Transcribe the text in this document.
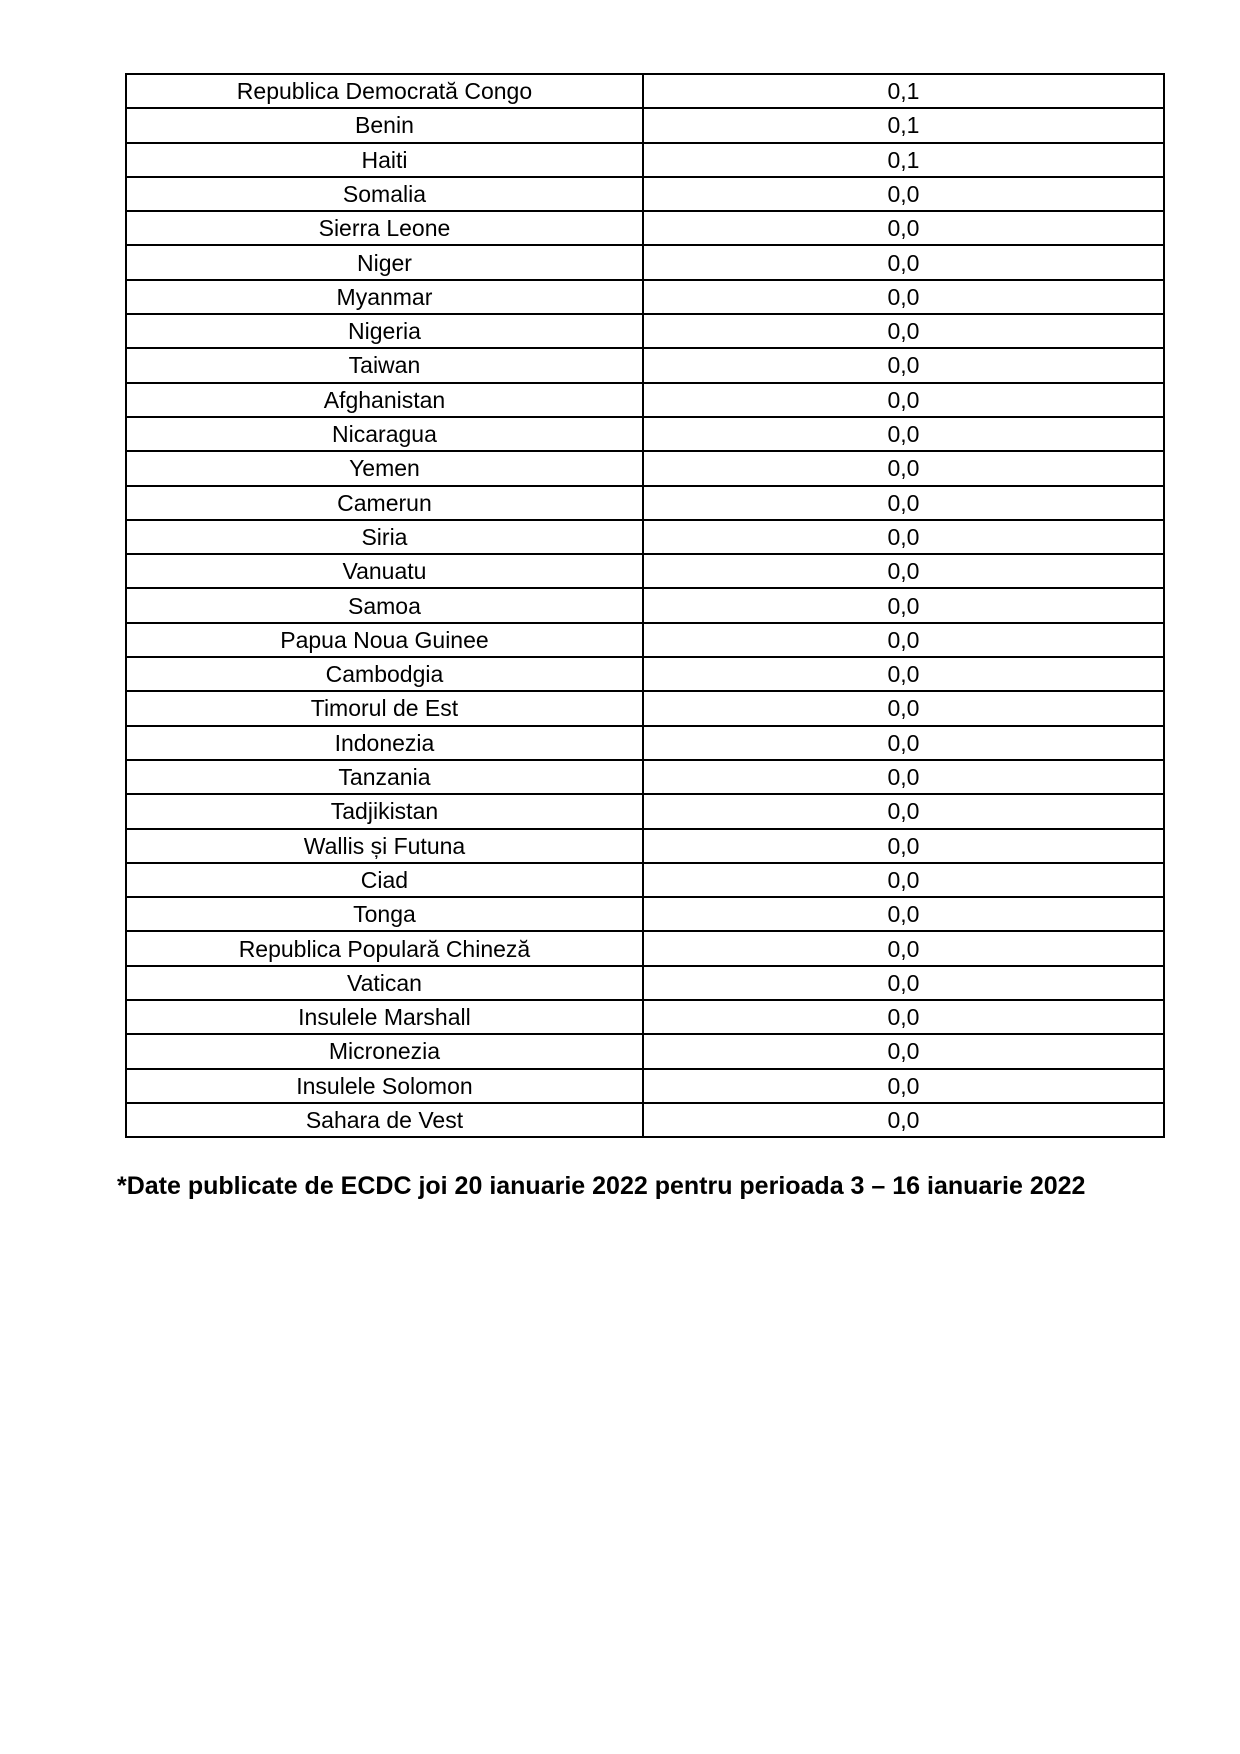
Republica Democrată Congo	0,1
Benin	0,1
Haiti	0,1
Somalia	0,0
Sierra Leone	0,0
Niger	0,0
Myanmar	0,0
Nigeria	0,0
Taiwan	0,0
Afghanistan	0,0
Nicaragua	0,0
Yemen	0,0
Camerun	0,0
Siria	0,0
Vanuatu	0,0
Samoa	0,0
Papua Noua Guinee	0,0
Cambodgia	0,0
Timorul de Est	0,0
Indonezia	0,0
Tanzania	0,0
Tadjikistan	0,0
Wallis și Futuna	0,0
Ciad	0,0
Tonga	0,0
Republica Populară Chineză	0,0
Vatican	0,0
Insulele Marshall	0,0
Micronezia	0,0
Insulele Solomon	0,0
Sahara de Vest	0,0
*Date publicate de ECDC joi 20 ianuarie 2022 pentru perioada 3 – 16 ianuarie 2022
